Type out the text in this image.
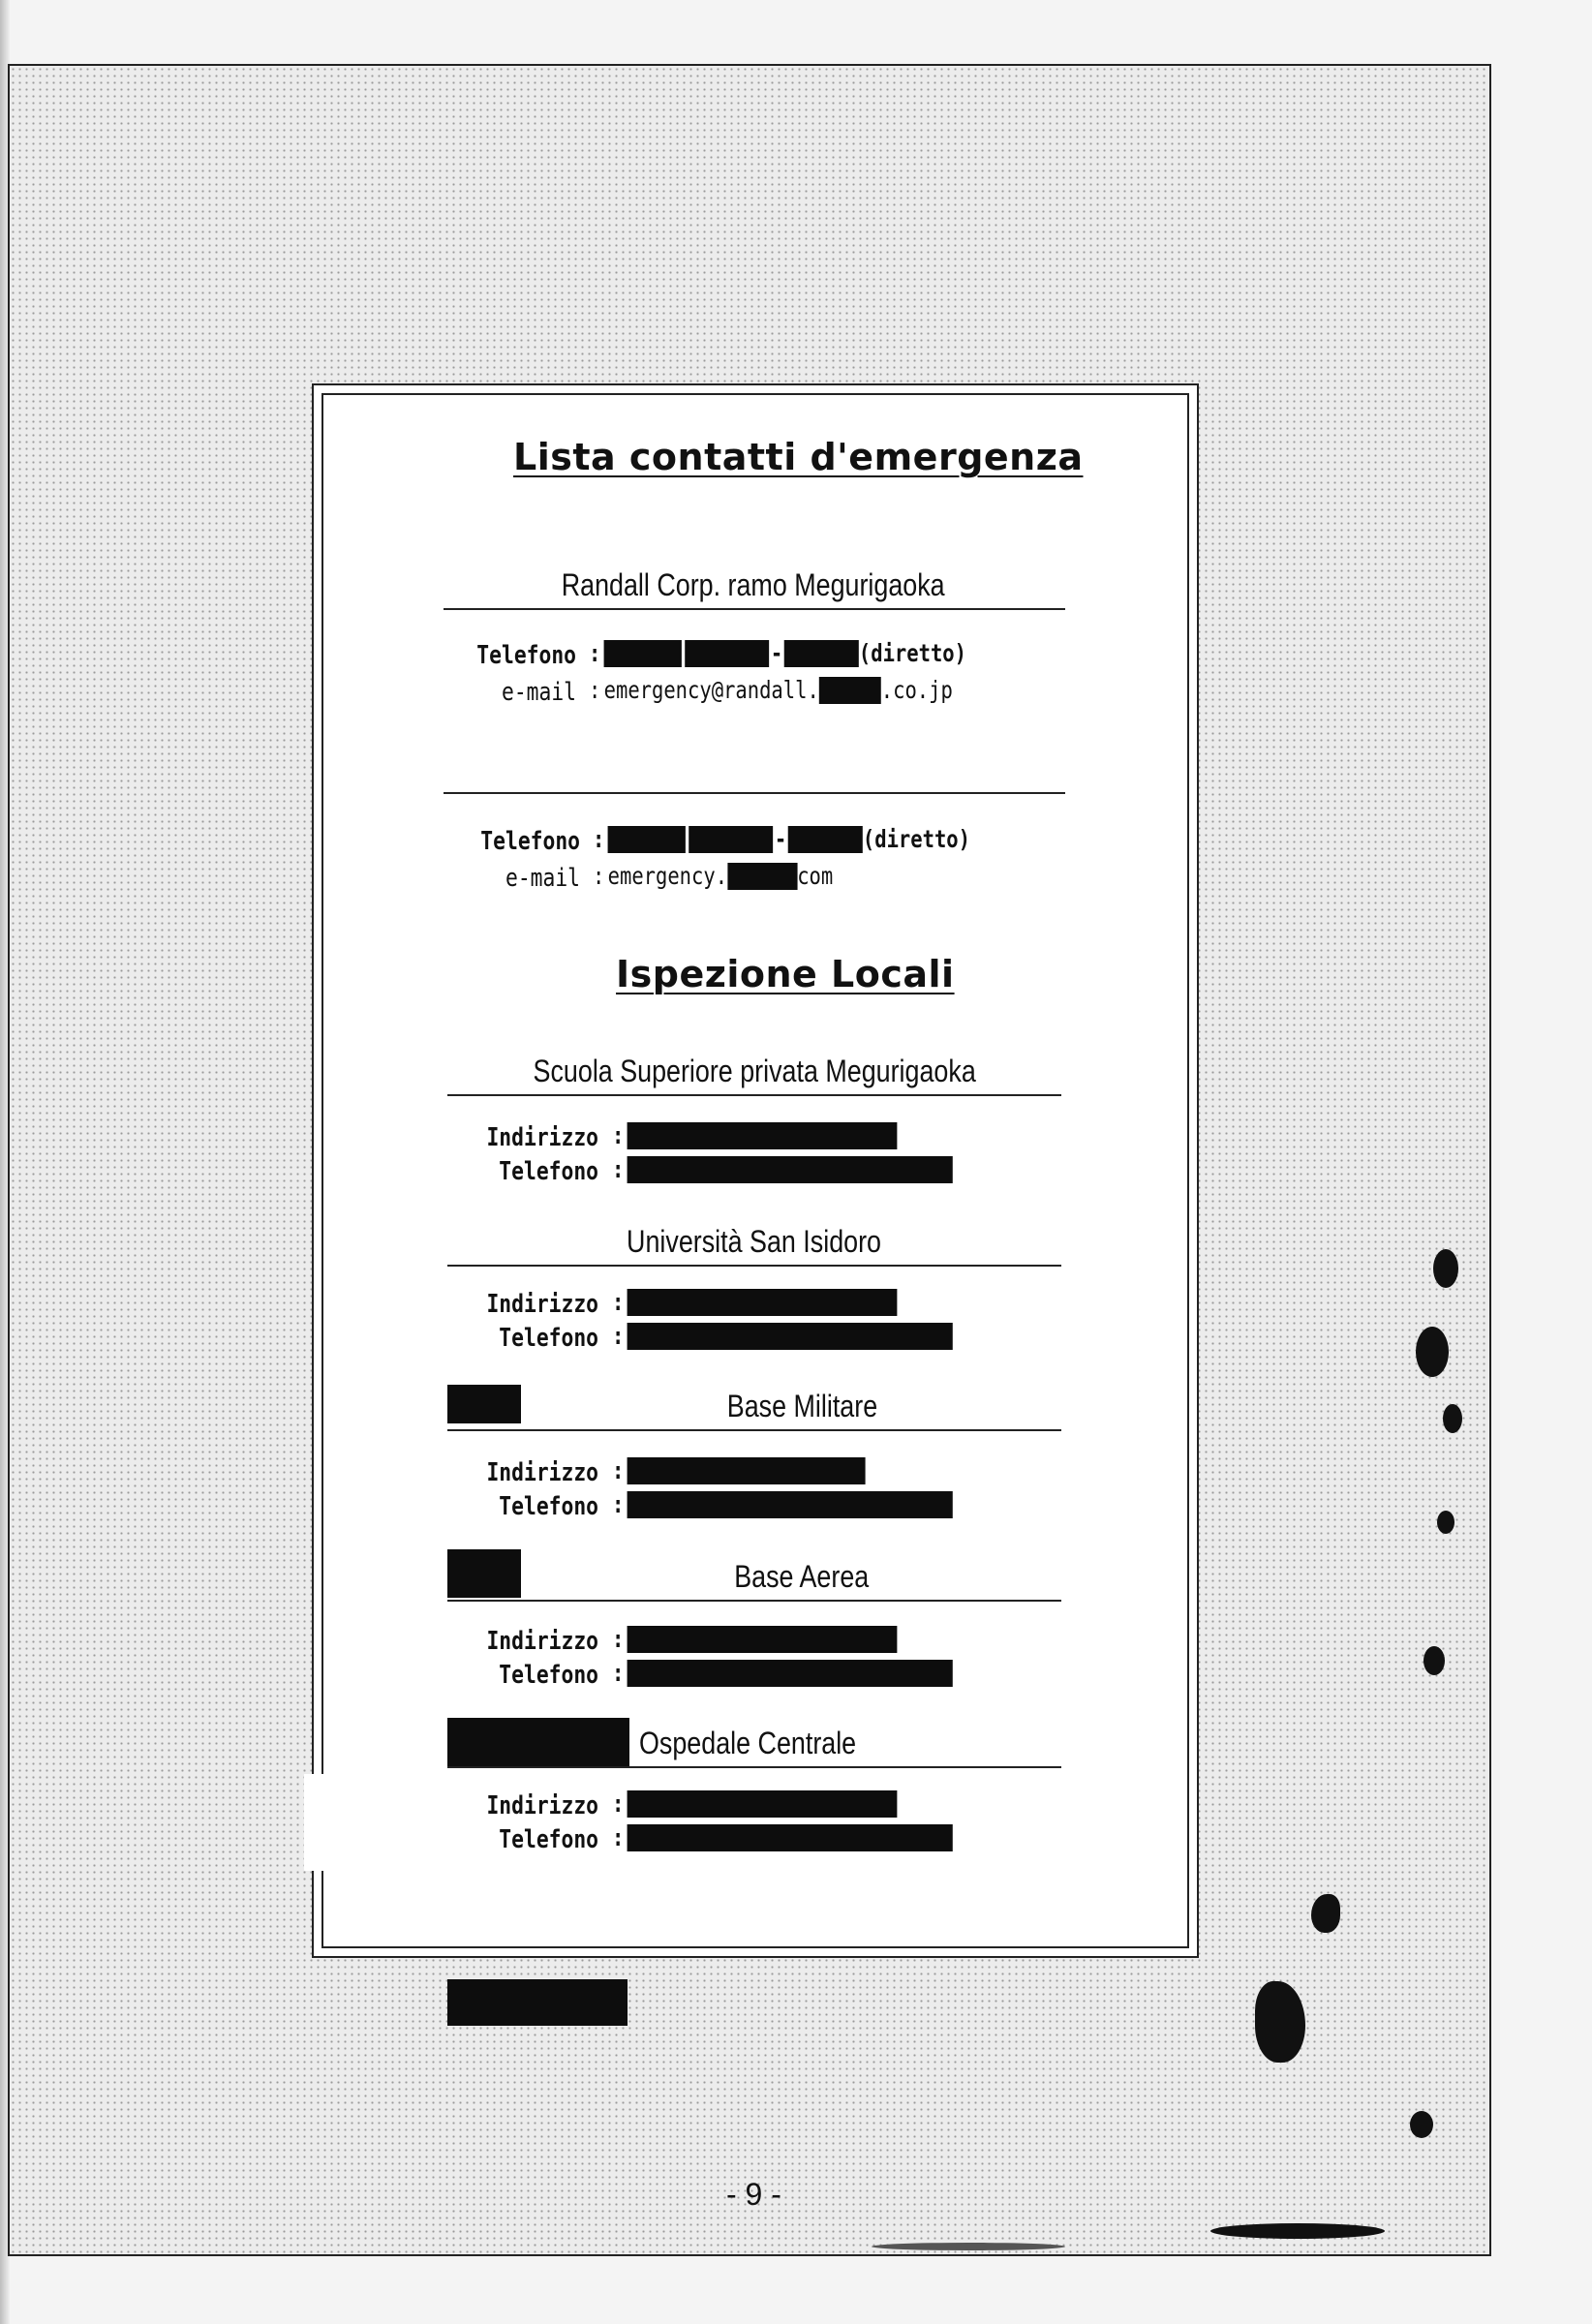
Lista contatti d'emergenza
Randall Corp. ramo Megurigaoka
Telefono :	-	(diretto)
e-mail : emergency@randall.	.co.jp
Telefono :	-	(diretto)
e-mail : emergency.	com
Ispezione Locali
Scuola Superiore privata Megurigaoka
Indirizzo :
Telefono :
Università San Isidoro
Indirizzo :
Telefono :
Base Militare
Indirizzo :
Telefono :
Base Aerea
Indirizzo :
Telefono :
Ospedale Centrale
Indirizzo :
Telefono :
- 9 -
